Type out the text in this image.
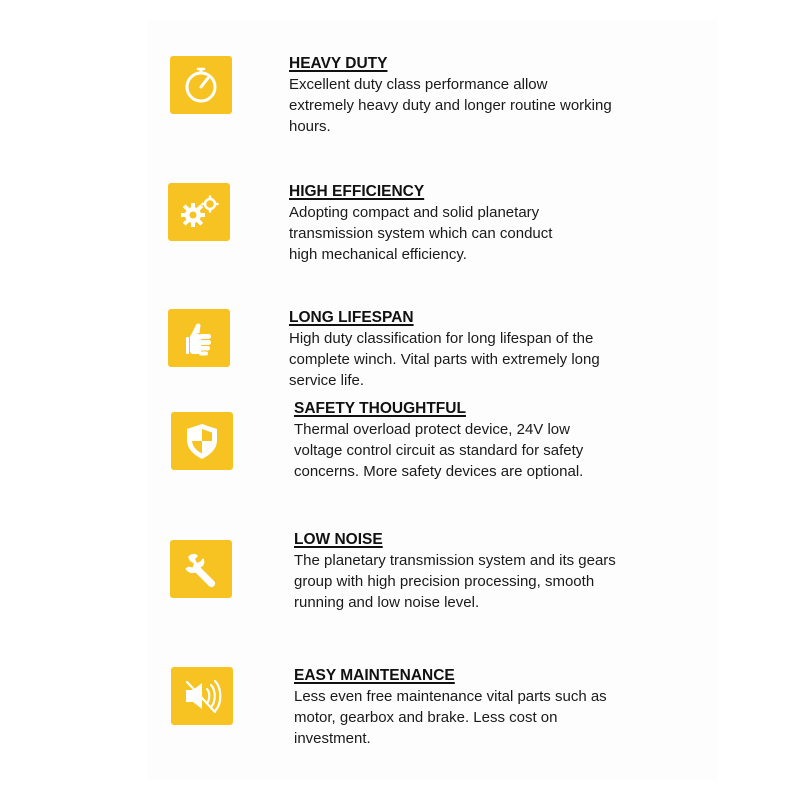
HEAVY DUTY

Excellent duty class performance allow
extremely heavy duty and longer routine working
hours.

HIGH EFFICIENCY

Adopting compact and solid planetary
transmission system which can conduct
high mechanical efficiency.

LONG LIFESPAN

High duty classification for long lifespan of the
complete winch. Vital parts with extremely long
service life.

SAFETY THOUGHTFUL

Thermal overload protect device, 24V low
voltage control circuit as standard for safety
concerns. More safety devices are optional.

LOW NOISE

The planetary transmission system and its gears
group with high precision processing, smooth
running and low noise level.

EASY MAINTENANCE

Less even free maintenance vital parts such as
motor, gearbox and brake. Less cost on
investment.
